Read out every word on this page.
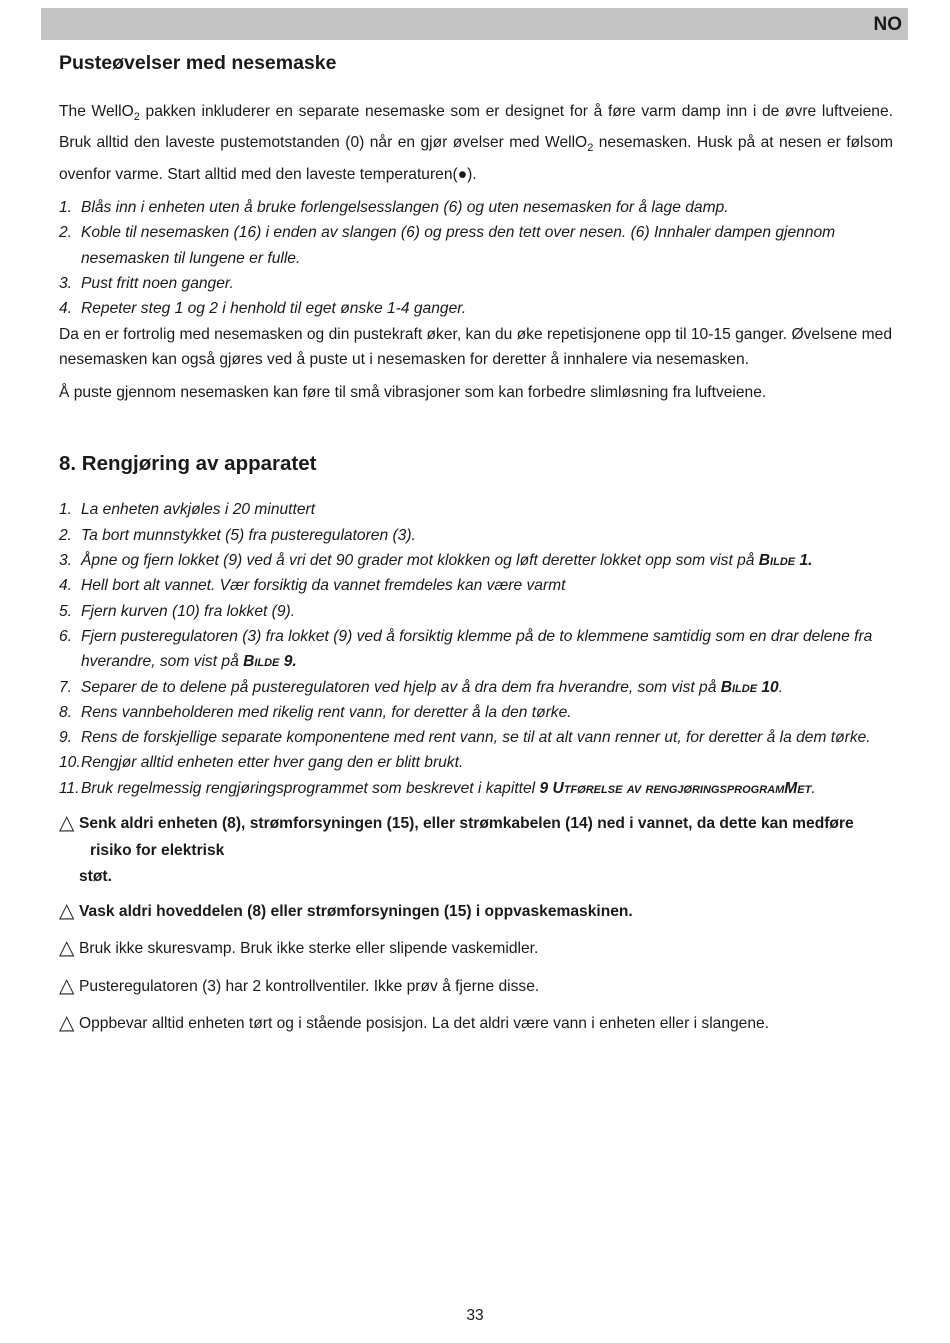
NO
Pusteøvelser med nesemaske

The WellO$_2$ pakken inkluderer en separate nesemaske som er designet for å føre varm damp inn i de øvre luftveiene. Bruk alltid den laveste pustemotstanden (0) når en gjør øvelser med WellO$_2$ nesemasken. Husk på at nesen er følsom ovenfor varme. Start alltid med den laveste temperaturen(●).

1. Blås inn i enheten uten å bruke forlengelsesslangen (6) og uten nesemasken for å lage damp.
2. Koble til nesemasken (16) i enden av slangen (6) og press den tett over nesen. (6) Innhaler dampen gjennom nesemasken til lungene er fulle.
3. Pust fritt noen ganger.
4. Repeter steg 1 og 2 i henhold til eget ønske 1-4 ganger.

Da en er fortrolig med nesemasken og din pustekraft øker, kan du øke repetisjonene opp til 10-15 ganger. Øvelsene med nesemasken kan også gjøres ved å puste ut i nesemasken for deretter å innhalere via nesemasken.

Å puste gjennom nesemasken kan føre til små vibrasjoner som kan forbedre slimløsning fra luftveiene.

8. Rengjøring av apparatet
1. La enheten avkjøles i 20 minuttert
2. Ta bort munnstykket (5) fra pusteregulatoren (3).
3. Åpne og fjern lokket (9) ved å vri det 90 grader mot klokken og løft deretter lokket opp som vist på Bilde 1.
4. Hell bort alt vannet. Vær forsiktig da vannet fremdeles kan være varmt
5. Fjern kurven (10) fra lokket (9).
6. Fjern pusteregulatoren (3) fra lokket (9) ved å forsiktig klemme på de to klemmene samtidig som en drar delene fra hverandre, som vist på Bilde 9.
7. Separer de to delene på pusteregulatoren ved hjelp av å dra dem fra hverandre, som vist på Bilde 10.
8. Rens vannbeholderen med rikelig rent vann, for deretter å la den tørke.
9. Rens de forskjellige separate komponentene med rent vann, se til at alt vann renner ut, for deretter å la dem tørke.
10. Rengjør alltid enheten etter hver gang den er blitt brukt.
11. Bruk regelmessig rengjøringsprogrammet som beskrevet i kapittel 9 Utførelse av rengjøringsprogramMet.
△ Senk aldri enheten (8), strømforsyningen (15), eller strømkabelen (14) ned i vannet, da dette kan medføre
risiko for elektrisk
støt.
△ Vask aldri hoveddelen (8) eller strømforsyningen (15) i oppvaskemaskinen.
△ Bruk ikke skuresvamp. Bruk ikke sterke eller slipende vaskemidler.
△ Pusteregulatoren (3) har 2 kontrollventiler. Ikke prøv å fjerne disse.
△ Oppbevar alltid enheten tørt og i stående posisjon. La det aldri være vann i enheten eller i slangene.
33
